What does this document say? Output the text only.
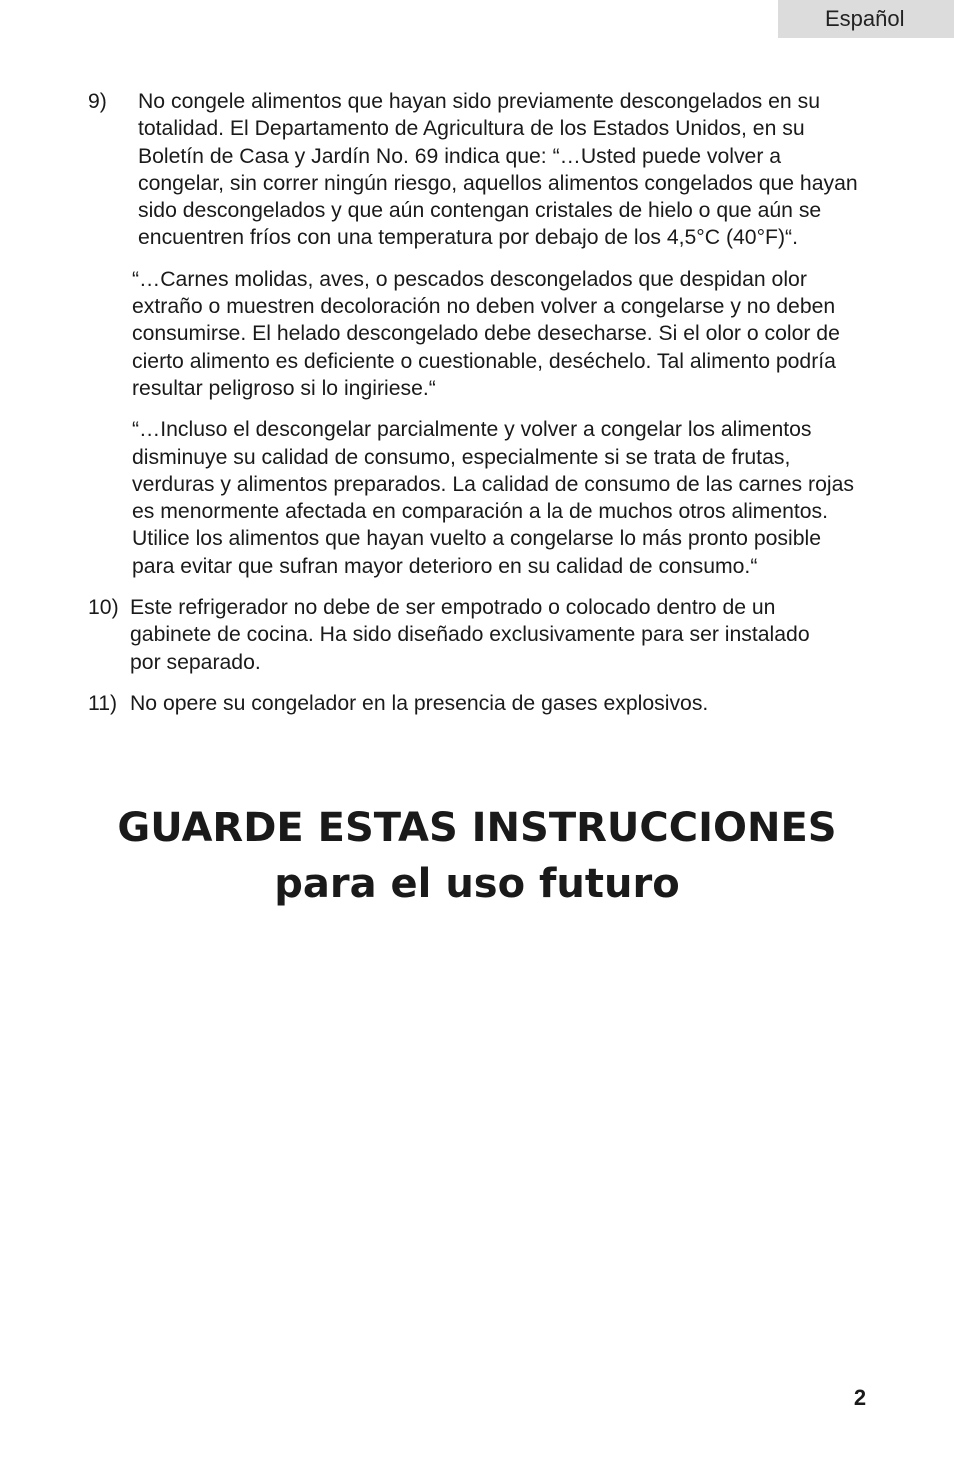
Español
9) No congele alimentos que hayan sido previamente descongelados en su totalidad. El Departamento de Agricultura de los Estados Unidos, en su Boletín de Casa y Jardín No. 69 indica que: “…Usted puede volver a congelar, sin correr ningún riesgo, aquellos alimentos congelados que hayan sido descongelados y que aún contengan cristales de hielo o que aún se encuentren fríos con una temperatura por debajo de los 4,5°C (40°F)“.
“…Carnes molidas, aves, o pescados descongelados que despidan olor extraño o muestren decoloración no deben volver a congelarse y no deben consumirse. El helado descongelado debe desecharse. Si el olor o color de cierto alimento es deficiente o cuestionable, deséchelo. Tal alimento podría resultar peligroso si lo ingiriese.“
“…Incluso el descongelar parcialmente y volver a congelar los alimentos disminuye su calidad de consumo, especialmente si se trata de frutas, verduras y alimentos preparados. La calidad de consumo de las carnes rojas es menormente afectada en comparación a la de muchos otros alimentos. Utilice los alimentos que hayan vuelto a congelarse lo más pronto posible para evitar que sufran mayor deterioro en su calidad de consumo.“
10) Este refrigerador no debe de ser empotrado o colocado dentro de un gabinete de cocina. Ha sido diseñado exclusivamente para ser instalado por separado.
11) No opere su congelador en la presencia de gases explosivos.
GUARDE ESTAS INSTRUCCIONES
para el uso futuro
2
